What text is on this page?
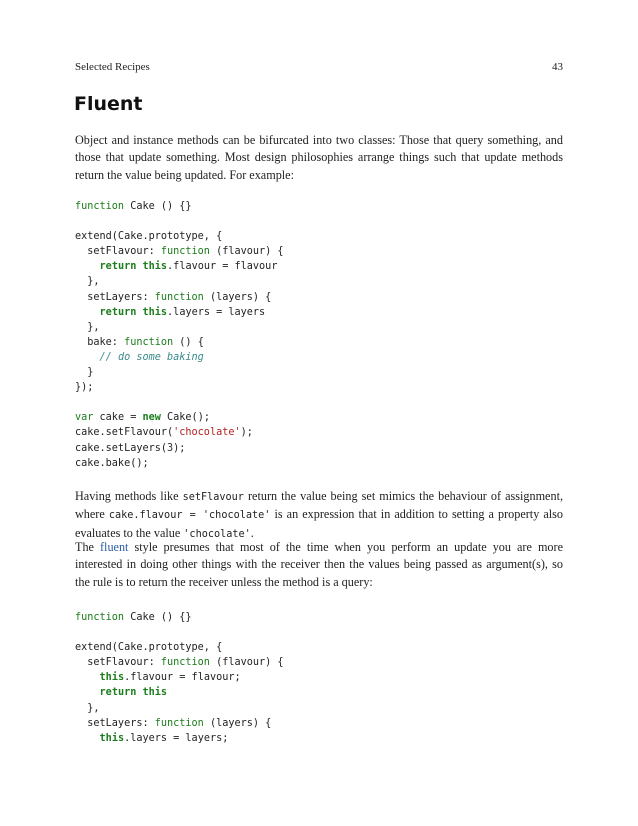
Selected Recipes	43
Fluent

Object and instance methods can be bifurcated into two classes: Those that query something, and those that update something. Most design philosophies arrange things such that update methods return the value being updated. For example:

function Cake () {}
extend(Cake.prototype, {
setFlavour: function (flavour) {
return this.flavour = flavour
},
setLayers: function (layers) {
return this.layers = layers
},
bake: function () {
// do some baking
}
});
var cake = new Cake();
cake.setFlavour('chocolate');
cake.setLayers(3);
cake.bake();

Having methods like setFlavour return the value being set mimics the behaviour of assignment, where cake.flavour = 'chocolate' is an expression that in addition to setting a property also evaluates to the value 'chocolate'.

The fluent style presumes that most of the time when you perform an update you are more interested in doing other things with the receiver then the values being passed as argument(s), so the rule is to return the receiver unless the method is a query:

function Cake () {}
extend(Cake.prototype, {
setFlavour: function (flavour) {
this.flavour = flavour;
return this
},
setLayers: function (layers) {
this.layers = layers;
